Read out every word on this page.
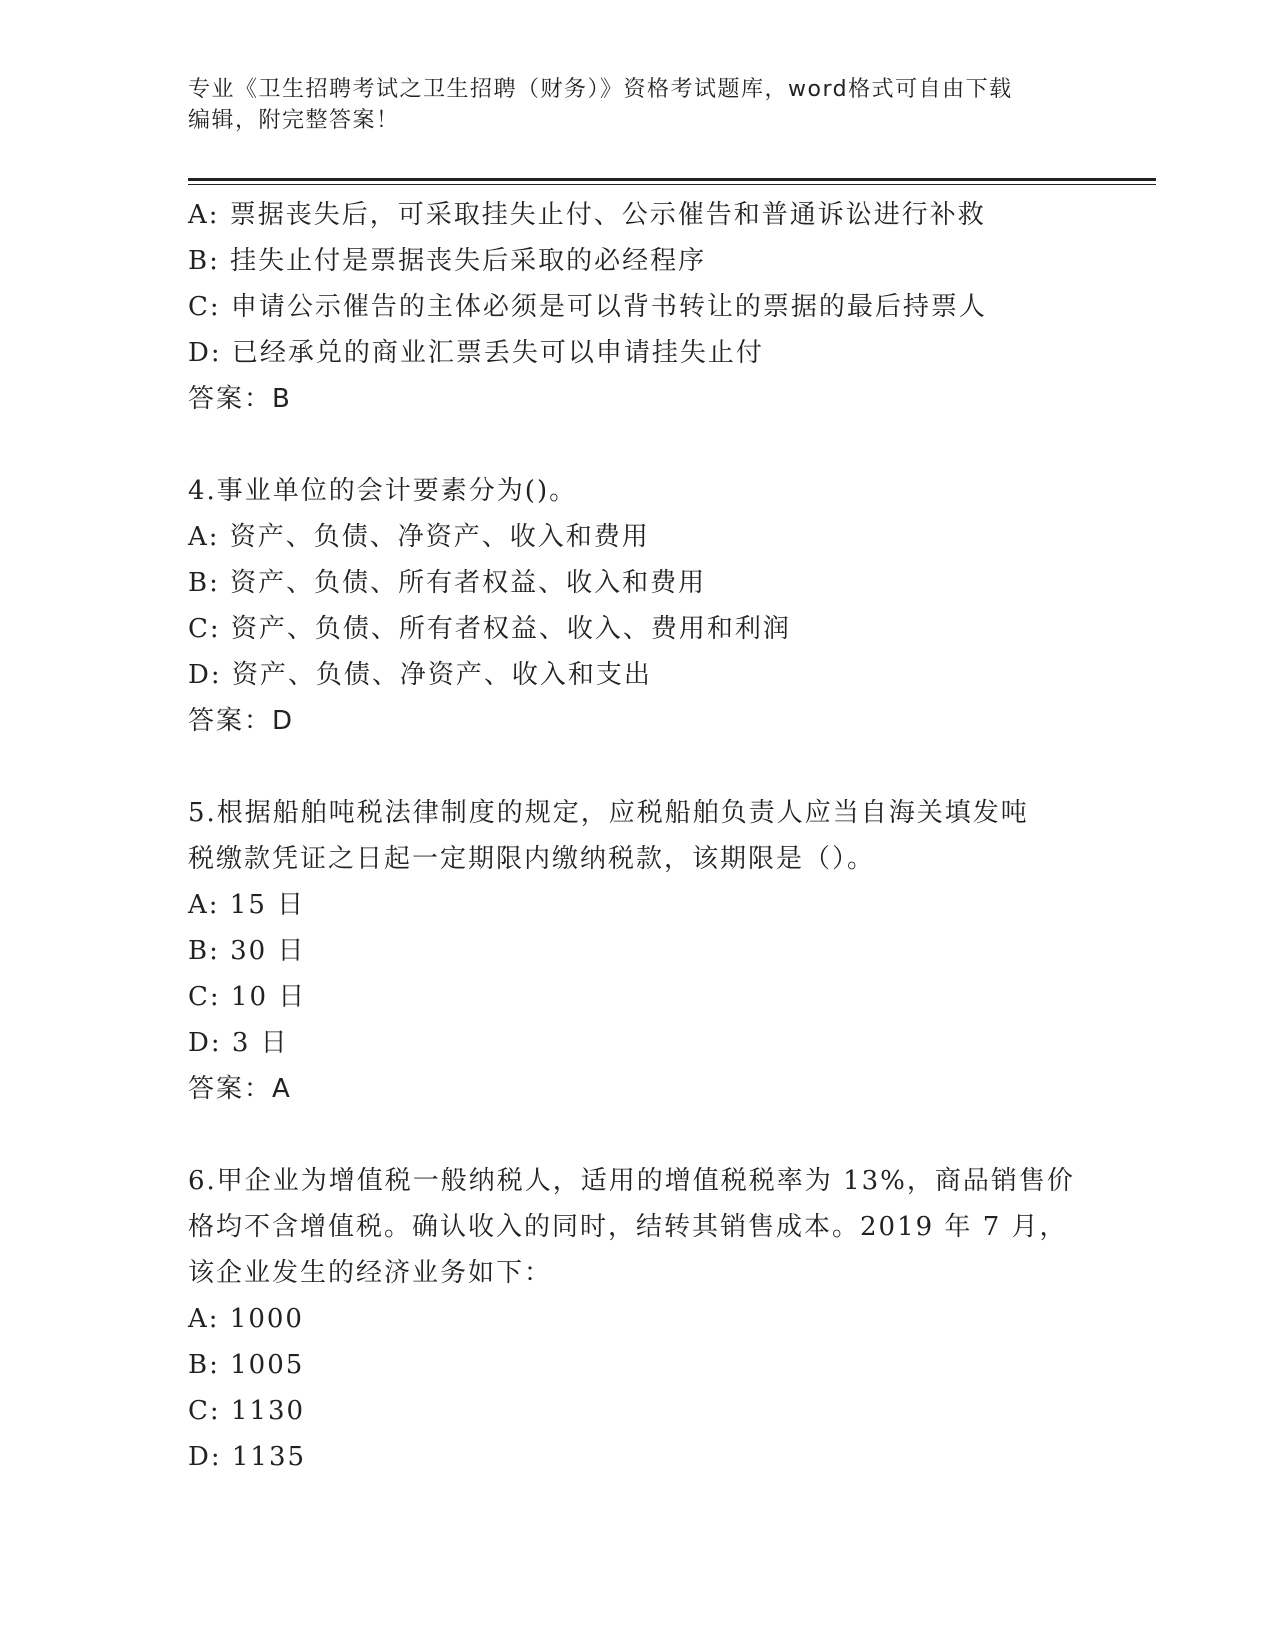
专业《卫生招聘考试之卫生招聘（财务）》资格考试题库，word格式可自由下载
编辑，附完整答案！
A: 票据丧失后，可采取挂失止付、公示催告和普通诉讼进行补救
B: 挂失止付是票据丧失后采取的必经程序
C: 申请公示催告的主体必须是可以背书转让的票据的最后持票人
D: 已经承兑的商业汇票丢失可以申请挂失止付
答案：B
4.事业单位的会计要素分为()。
A: 资产、负债、净资产、收入和费用
B: 资产、负债、所有者权益、收入和费用
C: 资产、负债、所有者权益、收入、费用和利润
D: 资产、负债、净资产、收入和支出
答案：D
5.根据船舶吨税法律制度的规定，应税船舶负责人应当自海关填发吨
税缴款凭证之日起一定期限内缴纳税款，该期限是（）。
A: 15 日
B: 30 日
C: 10 日
D: 3 日
答案：A
6.甲企业为增值税一般纳税人，适用的增值税税率为 13%，商品销售价
格均不含增值税。确认收入的同时，结转其销售成本。2019 年 7 月，
该企业发生的经济业务如下：
A: 1000
B: 1005
C: 1130
D: 1135
